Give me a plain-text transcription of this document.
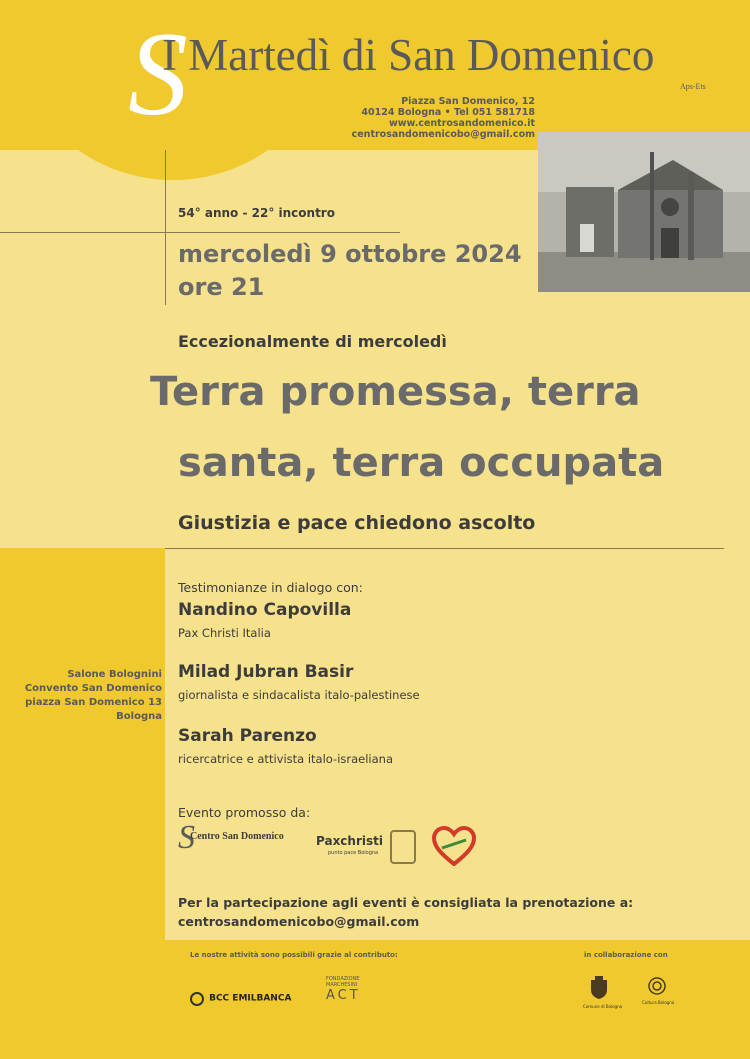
S
I Martedì di San Domenico
Aps-Ets
Piazza San Domenico, 12
40124 Bologna • Tel 051 581718
www.centrosandomenico.it
centrosandomenicobo@gmail.com
54° anno - 22° incontro
mercoledì 9 ottobre 2024
ore 21
Eccezionalmente di mercoledì
Terra promessa, terra
santa, terra occupata
Giustizia e pace chiedono ascolto
Salone Bolognini
Convento San Domenico
piazza San Domenico 13
Bologna
Testimonianze in dialogo con:
Nandino Capovilla
Pax Christi Italia
Milad Jubran Basir
giornalista e sindacalista italo-palestinese
Sarah Parenzo
ricercatrice e attivista italo-israeliana
Evento promosso da:
S
Centro San Domenico	Paxchristi
punto pace Bologna
Per la partecipazione agli eventi è consigliata la prenotazione a:
centrosandomenicobo@gmail.com
Le nostre attività sono possibili grazie al contributo:	in collaborazione con
BCC EMILBANCA
FONDAZIONE MARCHESINI
ACT
Comune di Bologna
Cultura Bologna
